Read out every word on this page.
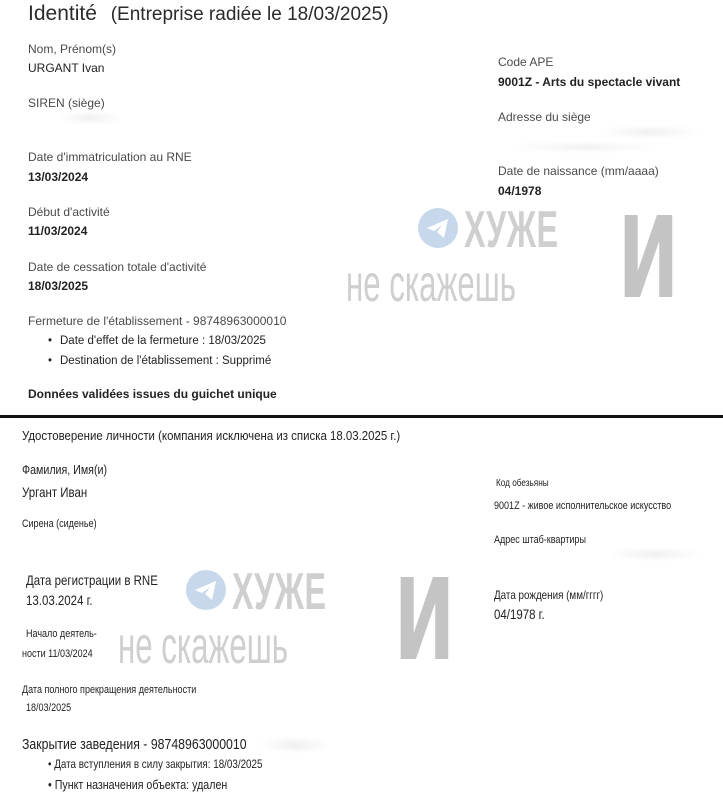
Identité (Entreprise radiée le 18/03/2025)
Nom, Prénom(s)
URGANT Ivan
SIREN (siège)
Date d'immatriculation au RNE
13/03/2024
Début d'activité
11/03/2024
Date de cessation totale d'activité
18/03/2025
Code APE
9001Z - Arts du spectacle vivant
Adresse du siège
Date de naissance (mm/aaaa)
04/1978
Fermeture de l'établissement - 98748963000010
• Date d'effet de la fermeture : 18/03/2025
• Destination de l'établissement : Supprimé
Données validées issues du guichet unique
ХУЖЕ
не скажешь И
Удостоверение личности (компания исключена из списка 18.03.2025 г.)
Фамилия, Имя(и)
Ургант Иван
Сирена (сиденье)
Дата регистрации в RNE
13.03.2024 г.
Начало деятель-
ности 11/03/2024
Дата полного прекращения деятельности
18/03/2025
Код обезьяны
9001Z - живое исполнительское искусство
Адрес штаб-квартиры
Дата рождения (мм/гггг)
04/1978 г.
Закрытие заведения - 98748963000010
• Дата вступления в силу закрытия: 18/03/2025
• Пункт назначения объекта: удален
ХУЖЕ
не скажешь И
